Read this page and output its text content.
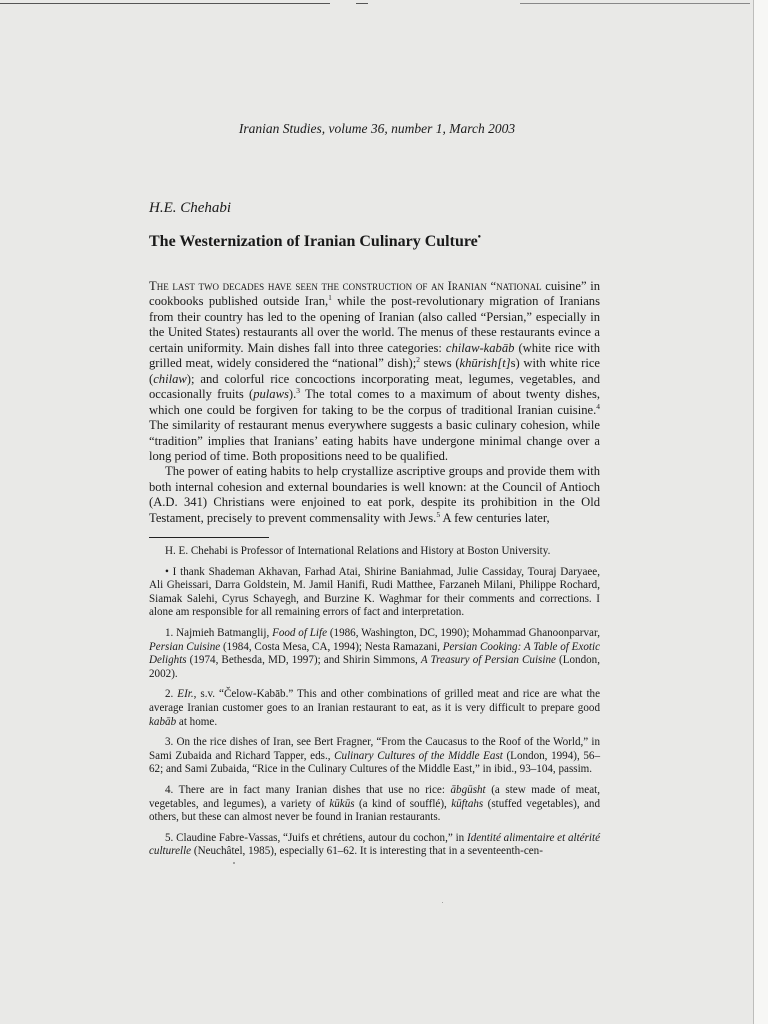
Iranian Studies, volume 36, number 1, March 2003
H.E. Chehabi
The Westernization of Iranian Culinary Culture•

The last two decades have seen the construction of an Iranian “national cuisine” in cookbooks published outside Iran,$^1$ while the post-revolutionary migration of Iranians from their country has led to the opening of Iranian (also called “Persian,” especially in the United States) restaurants all over the world. The menus of these restaurants evince a certain uniformity. Main dishes fall into three categories: chilaw-kabāb (white rice with grilled meat, widely considered the “national” dish);$^2$ stews (khūrish[t]s) with white rice (chilaw); and colorful rice concoctions incorporating meat, legumes, vegetables, and occasionally fruits (pulaws).$^3$ The total comes to a maximum of about twenty dishes, which one could be forgiven for taking to be the corpus of traditional Iranian cuisine.$^4$ The similarity of restaurant menus everywhere suggests a basic culinary cohesion, while “tradition” implies that Iranians’ eating habits have undergone minimal change over a long period of time. Both propositions need to be qualified.

The power of eating habits to help crystallize ascriptive groups and provide them with both internal cohesion and external boundaries is well known: at the Council of Antioch (A.D. 341) Christians were enjoined to eat pork, despite its prohibition in the Old Testament, precisely to prevent commensality with Jews.$^5$ A few centuries later,

H. E. Chehabi is Professor of International Relations and History at Boston University.

• I thank Shademan Akhavan, Farhad Atai, Shirine Baniahmad, Julie Cassiday, Touraj Daryaee, Ali Gheissari, Darra Goldstein, M. Jamil Hanifi, Rudi Matthee, Farzaneh Milani, Philippe Rochard, Siamak Salehi, Cyrus Schayegh, and Burzine K. Waghmar for their comments and corrections. I alone am responsible for all remaining errors of fact and interpretation.

1. Najmieh Batmanglij, Food of Life (1986, Washington, DC, 1990); Mohammad Ghanoonparvar, Persian Cuisine (1984, Costa Mesa, CA, 1994); Nesta Ramazani, Persian Cooking: A Table of Exotic Delights (1974, Bethesda, MD, 1997); and Shirin Simmons, A Treasury of Persian Cuisine (London, 2002).

2. EIr., s.v. “Čelow-Kabāb.” This and other combinations of grilled meat and rice are what the average Iranian customer goes to an Iranian restaurant to eat, as it is very difficult to prepare good kabāb at home.

3. On the rice dishes of Iran, see Bert Fragner, “From the Caucasus to the Roof of the World,” in Sami Zubaida and Richard Tapper, eds., Culinary Cultures of the Middle East (London, 1994), 56–62; and Sami Zubaida, “Rice in the Culinary Cultures of the Middle East,” in ibid., 93–104, passim.

4. There are in fact many Iranian dishes that use no rice: ābgūsht (a stew made of meat, vegetables, and legumes), a variety of kūkūs (a kind of soufflé), kūftahs (stuffed vegetables), and others, but these can almost never be found in Iranian restaurants.

5. Claudine Fabre-Vassas, “Juifs et chrétiens, autour du cochon,” in Identité alimentaire et altérité culturelle (Neuchâtel, 1985), especially 61–62. It is interesting that in a seventeenth-cen-
